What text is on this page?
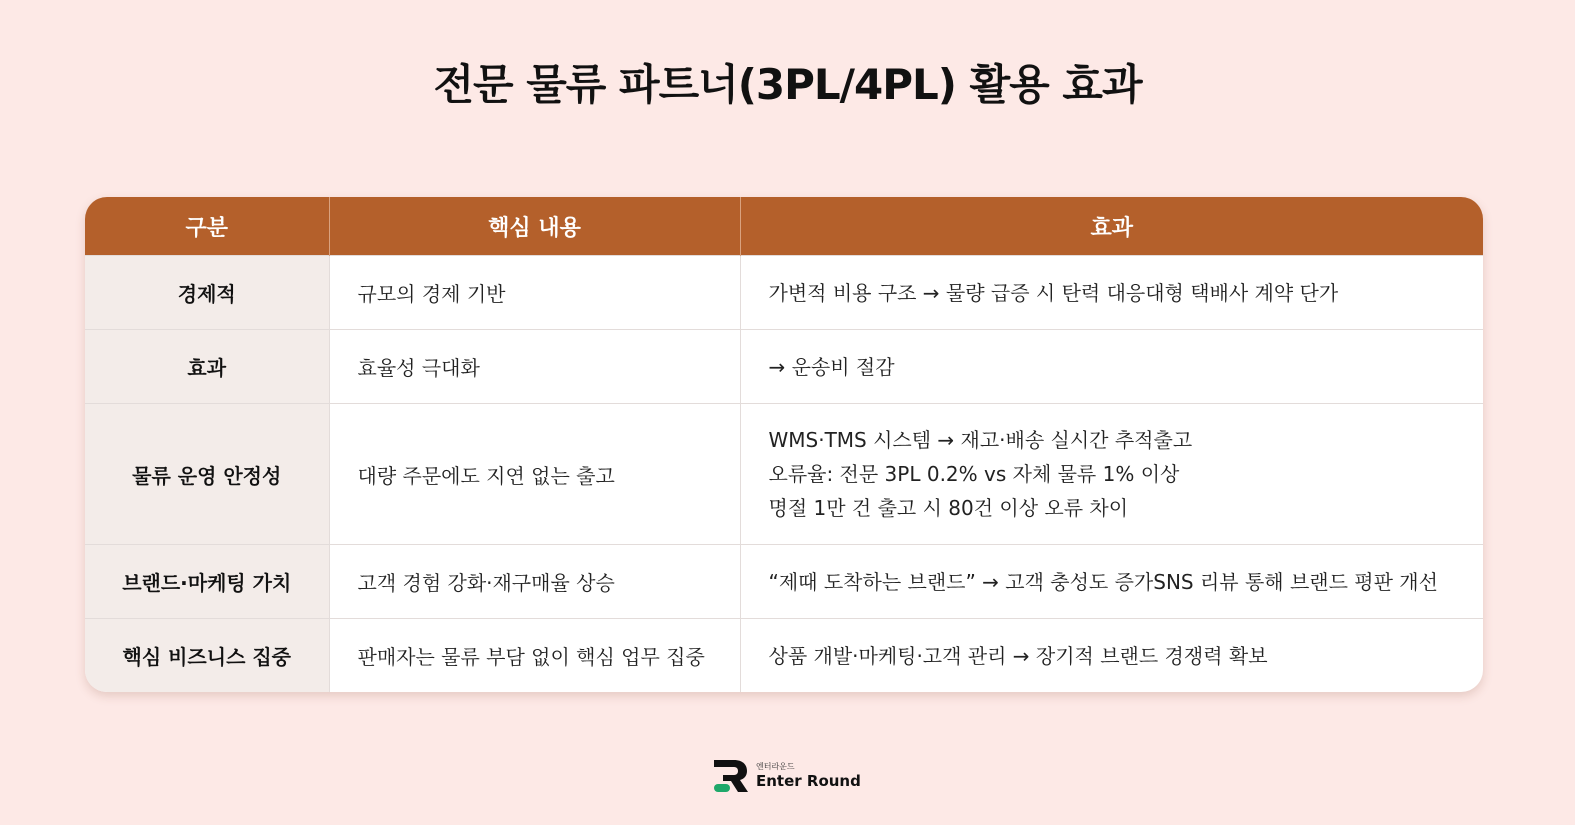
전문 물류 파트너(3PL/4PL) 활용 효과
구분	핵심 내용	효과
경제적	규모의 경제 기반	가변적 비용 구조 → 물량 급증 시 탄력 대응대형 택배사 계약 단가

효과	효율성 극대화	→ 운송비 절감

물류 운영 안정성	대량 주문에도 지연 없는 출고	WMS·TMS 시스템 → 재고·배송 실시간 추적출고
오류율: 전문 3PL 0.2% vs 자체 물류 1% 이상
명절 1만 건 출고 시 80건 이상 오류 차이

브랜드·마케팅 가치	고객 경험 강화·재구매율 상승	“제때 도착하는 브랜드” → 고객 충성도 증가SNS 리뷰 통해 브랜드 평판 개선

핵심 비즈니스 집중	판매자는 물류 부담 없이 핵심 업무 집중	상품 개발·마케팅·고객 관리 → 장기적 브랜드 경쟁력 확보
엔터라운드
Enter Round
